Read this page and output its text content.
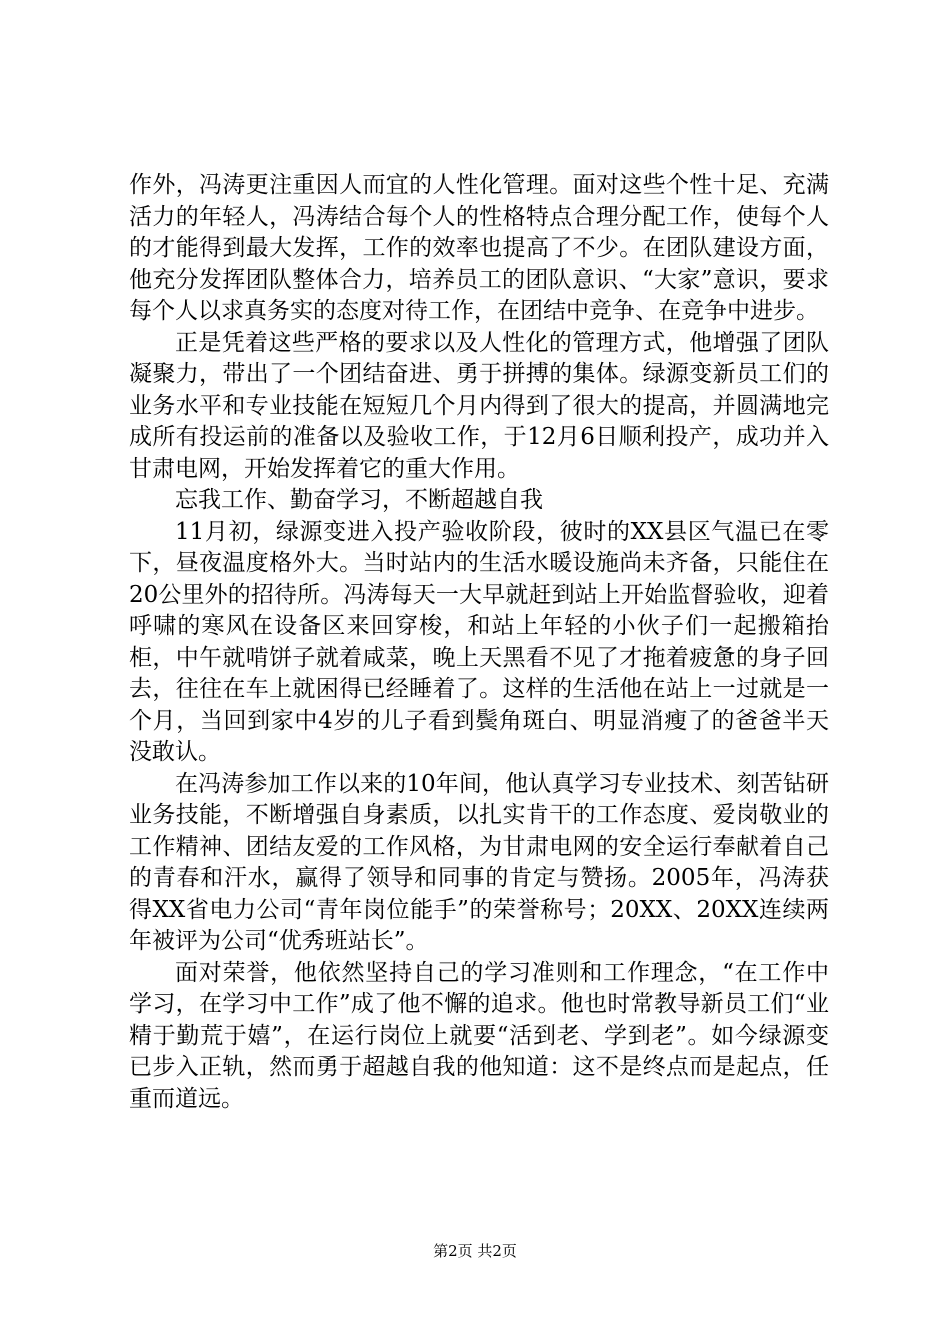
作外，冯涛更注重因人而宜的人性化管理。面对这些个性十足、充满活力的年轻人，冯涛结合每个人的性格特点合理分配工作，使每个人的才能得到最大发挥，工作的效率也提高了不少。在团队建设方面，他充分发挥团队整体合力，培养员工的团队意识、“大家”意识，要求每个人以求真务实的态度对待工作，在团结中竞争、在竞争中进步。

正是凭着这些严格的要求以及人性化的管理方式，他增强了团队凝聚力，带出了一个团结奋进、勇于拼搏的集体。绿源变新员工们的业务水平和专业技能在短短几个月内得到了很大的提高，并圆满地完成所有投运前的准备以及验收工作，于12月6日顺利投产，成功并入甘肃电网，开始发挥着它的重大作用。

忘我工作、勤奋学习，不断超越自我

11月初，绿源变进入投产验收阶段，彼时的XX县区气温已在零下，昼夜温度格外大。当时站内的生活水暖设施尚未齐备，只能住在20公里外的招待所。冯涛每天一大早就赶到站上开始监督验收，迎着呼啸的寒风在设备区来回穿梭，和站上年轻的小伙子们一起搬箱抬柜，中午就啃饼子就着咸菜，晚上天黑看不见了才拖着疲惫的身子回去，往往在车上就困得已经睡着了。这样的生活他在站上一过就是一个月，当回到家中4岁的儿子看到鬓角斑白、明显消瘦了的爸爸半天没敢认。

在冯涛参加工作以来的10年间，他认真学习专业技术、刻苦钻研业务技能，不断增强自身素质，以扎实肯干的工作态度、爱岗敬业的工作精神、团结友爱的工作风格，为甘肃电网的安全运行奉献着自己的青春和汗水，赢得了领导和同事的肯定与赞扬。2005年，冯涛获得XX省电力公司“青年岗位能手”的荣誉称号；20XX、20XX连续两年被评为公司“优秀班站长”。

面对荣誉，他依然坚持自己的学习准则和工作理念，“在工作中学习，在学习中工作”成了他不懈的追求。他也时常教导新员工们“业精于勤荒于嬉”，在运行岗位上就要“活到老、学到老”。如今绿源变已步入正轨，然而勇于超越自我的他知道：这不是终点而是起点，任重而道远。

第2页 共2页
